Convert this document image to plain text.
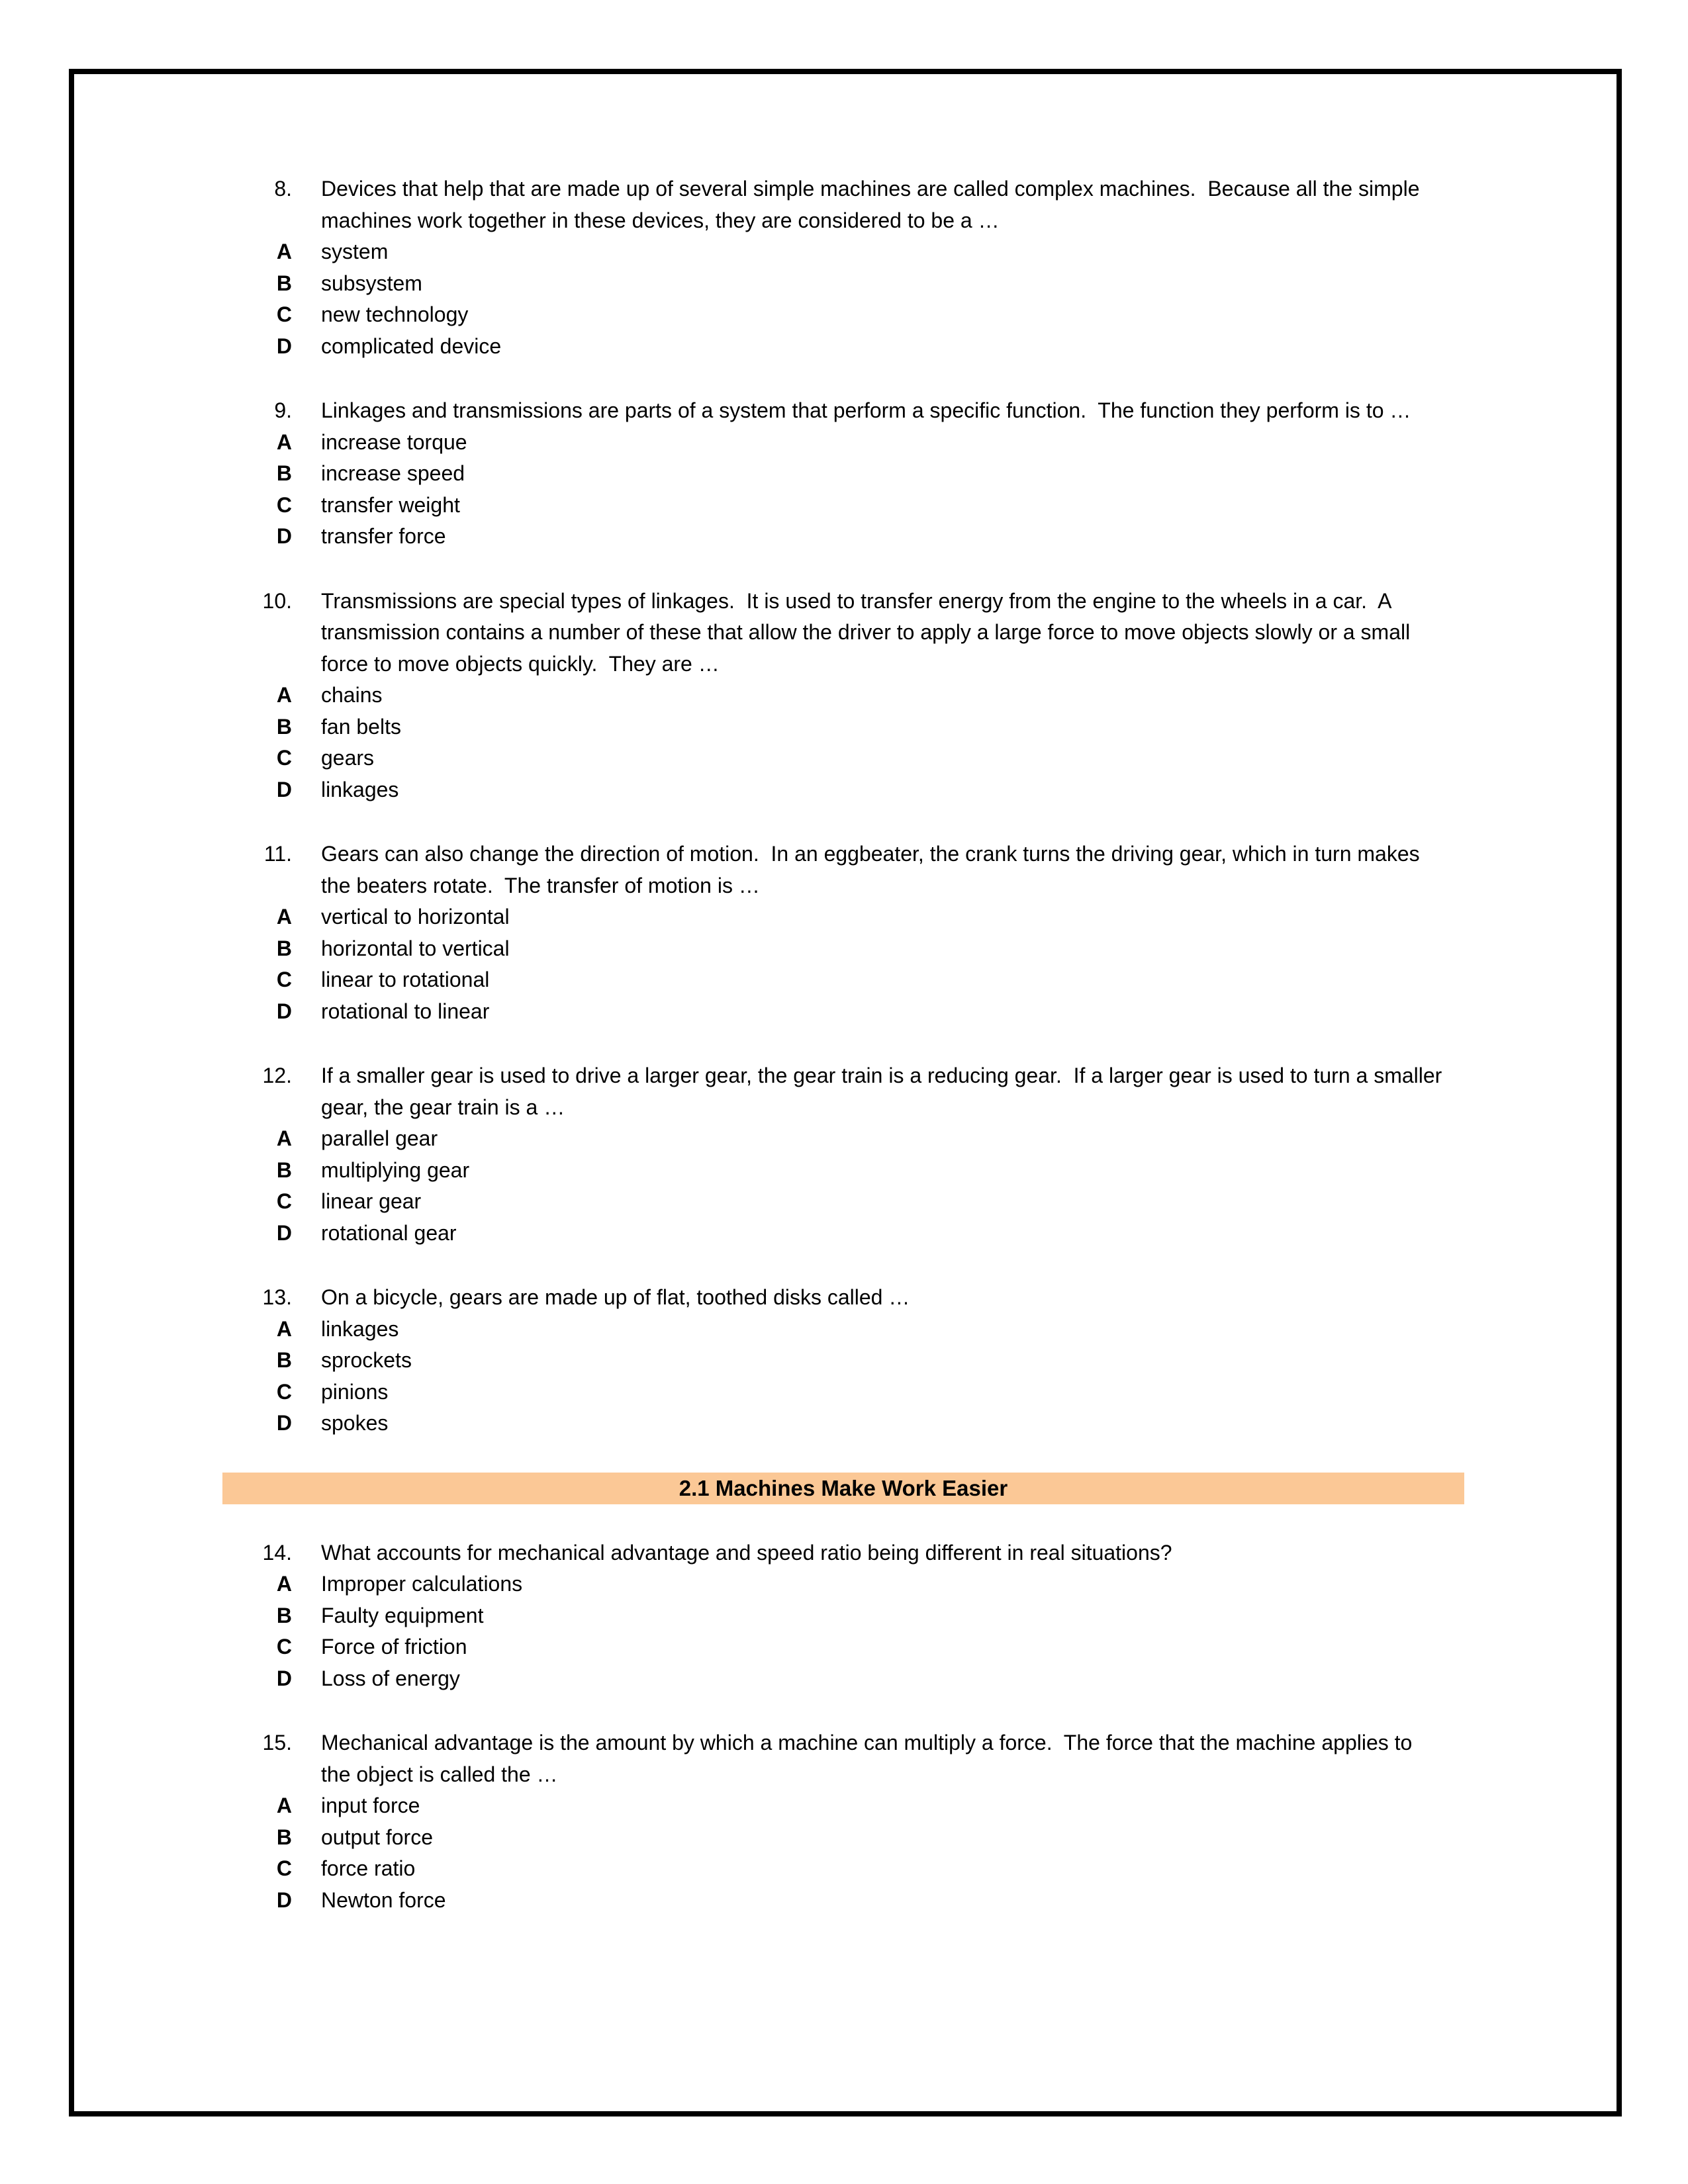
8. Devices that help that are made up of several simple machines are called complex machines.  Because all the simple machines work together in these devices, they are considered to be a …
A system
B subsystem
C new technology
D complicated device
9. Linkages and transmissions are parts of a system that perform a specific function.  The function they perform is to …
A increase torque
B increase speed
C transfer weight
D transfer force
10. Transmissions are special types of linkages.  It is used to transfer energy from the engine to the wheels in a car.  A transmission contains a number of these that allow the driver to apply a large force to move objects slowly or a small force to move objects quickly.  They are …
A chains
B fan belts
C gears
D linkages
11. Gears can also change the direction of motion.  In an eggbeater, the crank turns the driving gear, which in turn makes the beaters rotate.  The transfer of motion is …
A vertical to horizontal
B horizontal to vertical
C linear to rotational
D rotational to linear
12. If a smaller gear is used to drive a larger gear, the gear train is a reducing gear.  If a larger gear is used to turn a smaller gear, the gear train is a …
A parallel gear
B multiplying gear
C linear gear
D rotational gear
13. On a bicycle, gears are made up of flat, toothed disks called …
A linkages
B sprockets
C pinions
D spokes
2.1 Machines Make Work Easier
14. What accounts for mechanical advantage and speed ratio being different in real situations?
A Improper calculations
B Faulty equipment
C Force of friction
D Loss of energy
15. Mechanical advantage is the amount by which a machine can multiply a force.  The force that the machine applies to the object is called the …
A input force
B output force
C force ratio
D Newton force
